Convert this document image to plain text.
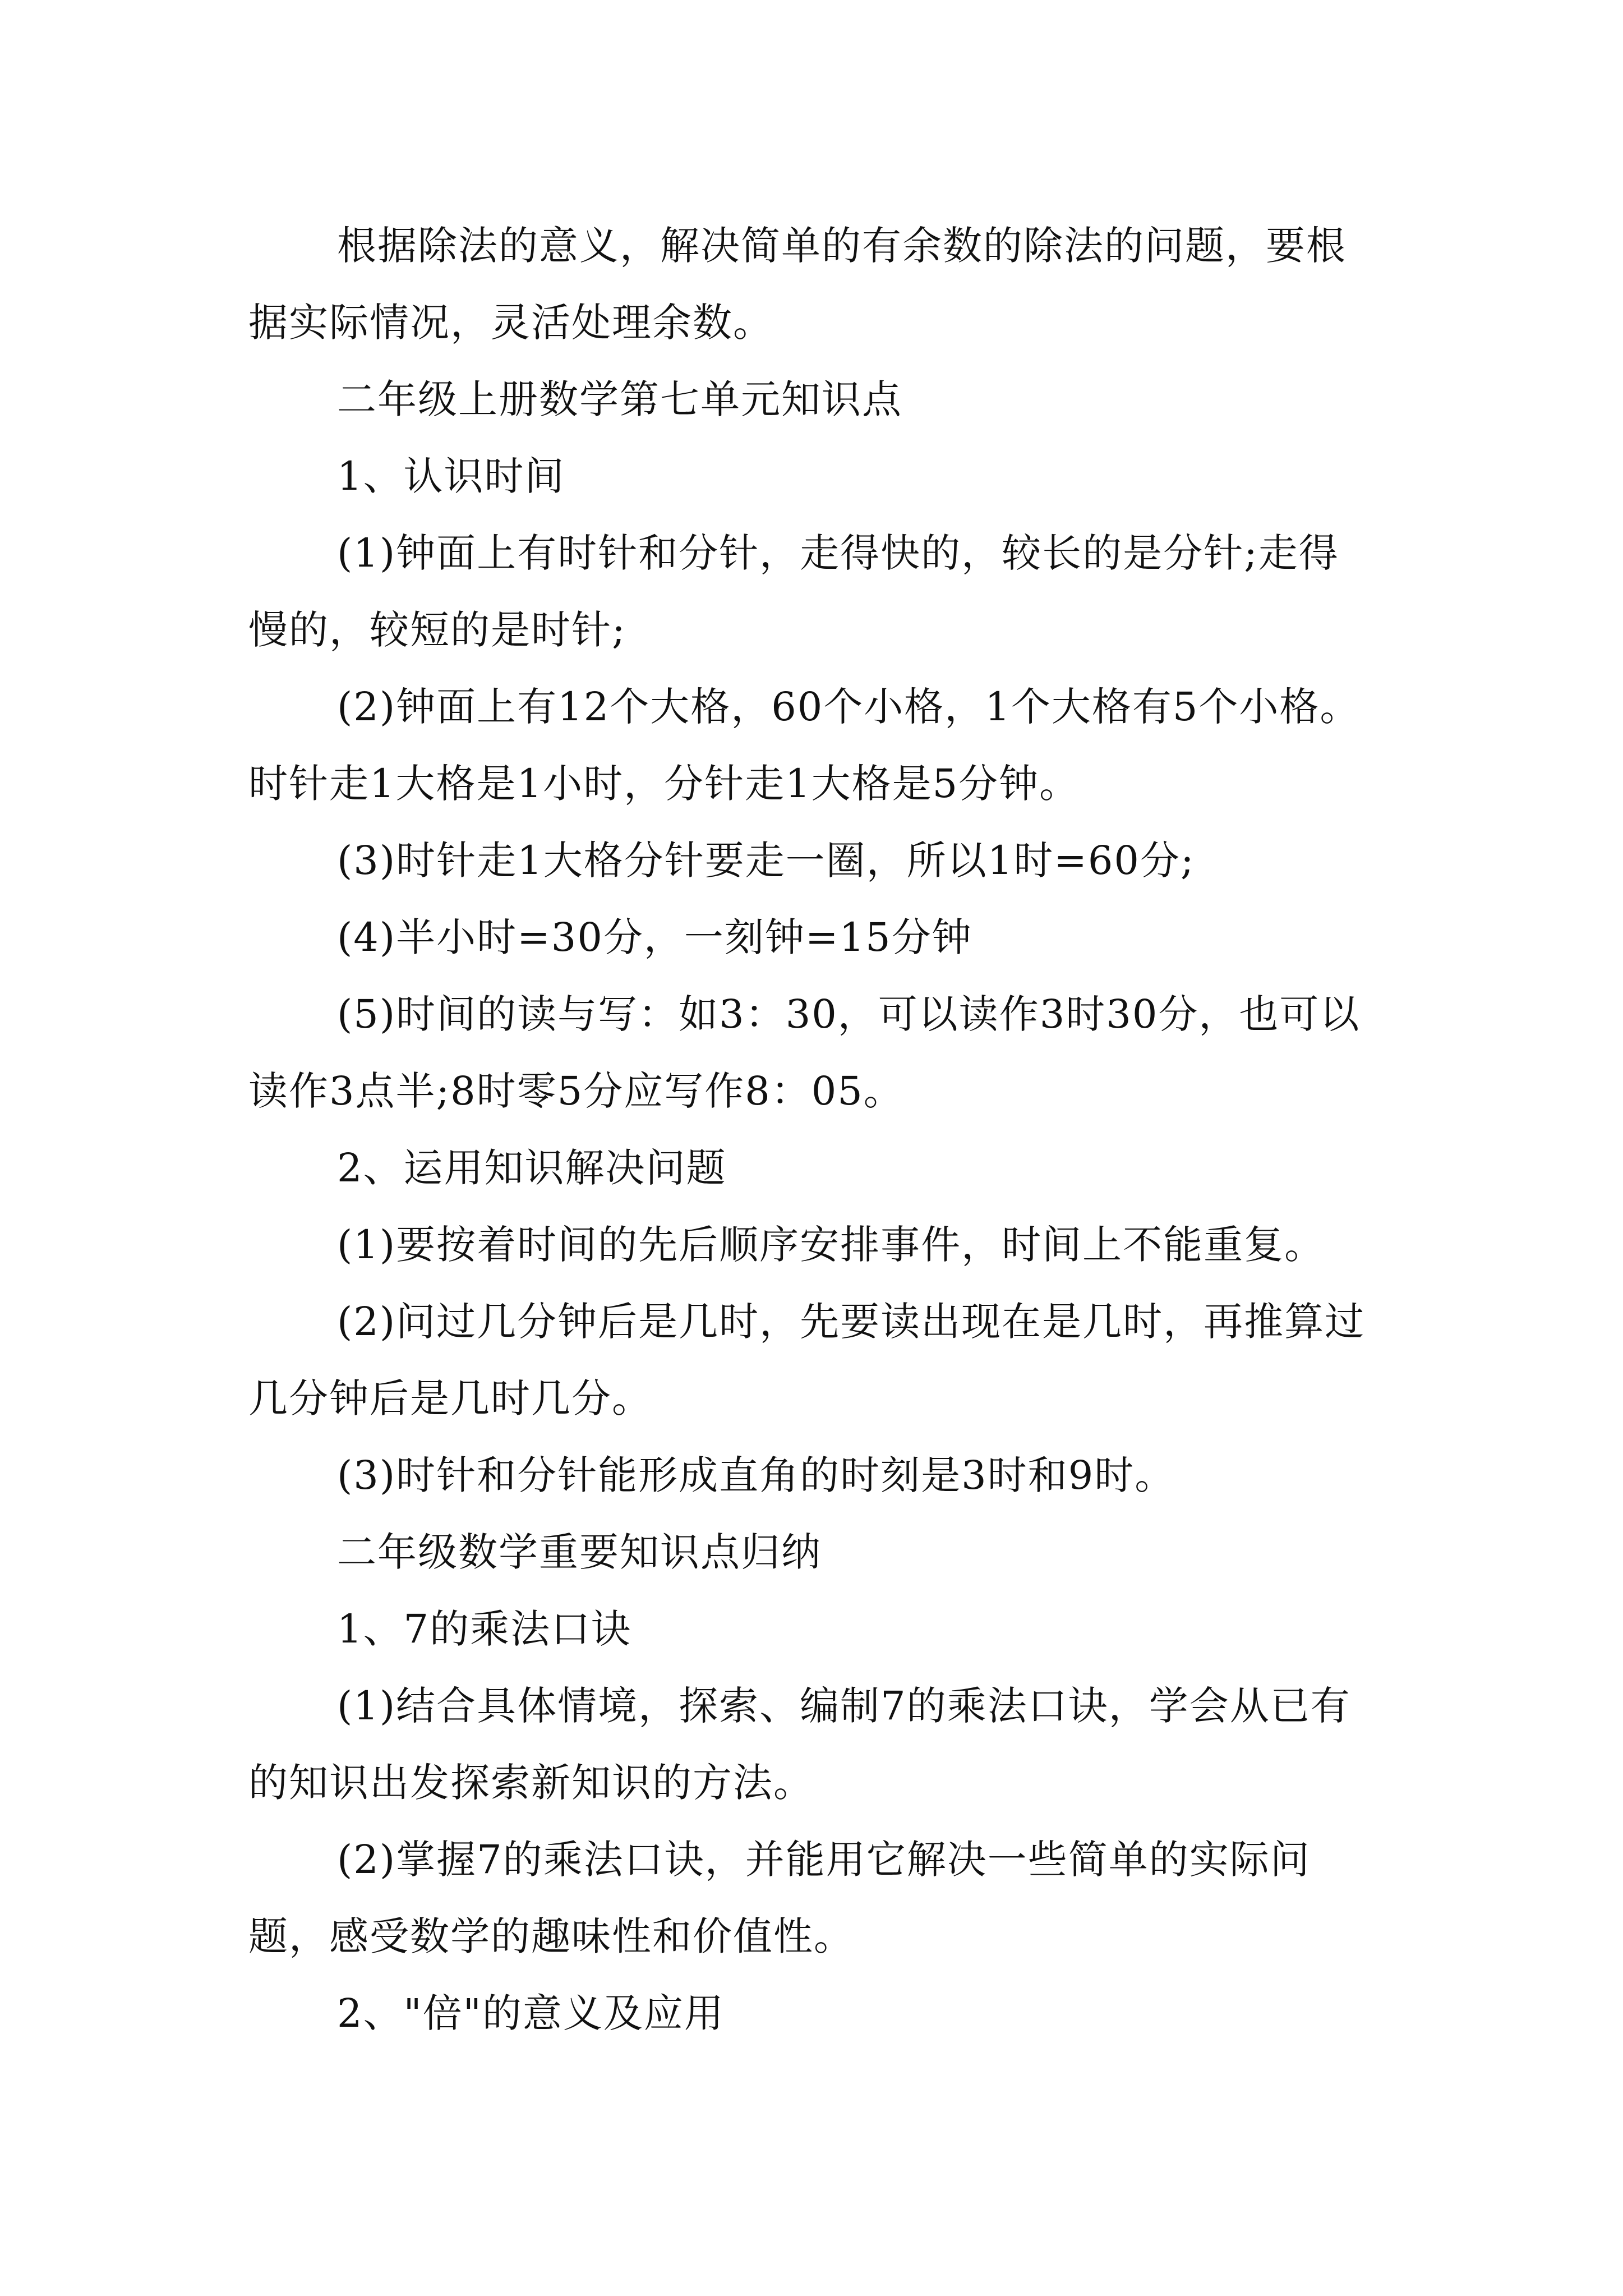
根据除法的意义，解决简单的有余数的除法的问题，要根据实际情况，灵活处理余数。

二年级上册数学第七单元知识点

1、认识时间

(1)钟面上有时针和分针，走得快的，较长的是分针;走得慢的，较短的是时针;

(2)钟面上有12个大格，60个小格，1个大格有5个小格。时针走1大格是1小时，分针走1大格是5分钟。

(3)时针走1大格分针要走一圈，所以1时=60分;

(4)半小时=30分，一刻钟=15分钟

(5)时间的读与写：如3：30，可以读作3时30分，也可以读作3点半;8时零5分应写作8：05。

2、运用知识解决问题

(1)要按着时间的先后顺序安排事件，时间上不能重复。

(2)问过几分钟后是几时，先要读出现在是几时，再推算过几分钟后是几时几分。

(3)时针和分针能形成直角的时刻是3时和9时。

二年级数学重要知识点归纳

1、7的乘法口诀

(1)结合具体情境，探索、编制7的乘法口诀，学会从已有的知识出发探索新知识的方法。

(2)掌握7的乘法口诀，并能用它解决一些简单的实际问题，感受数学的趣味性和价值性。

2、"倍"的意义及应用
